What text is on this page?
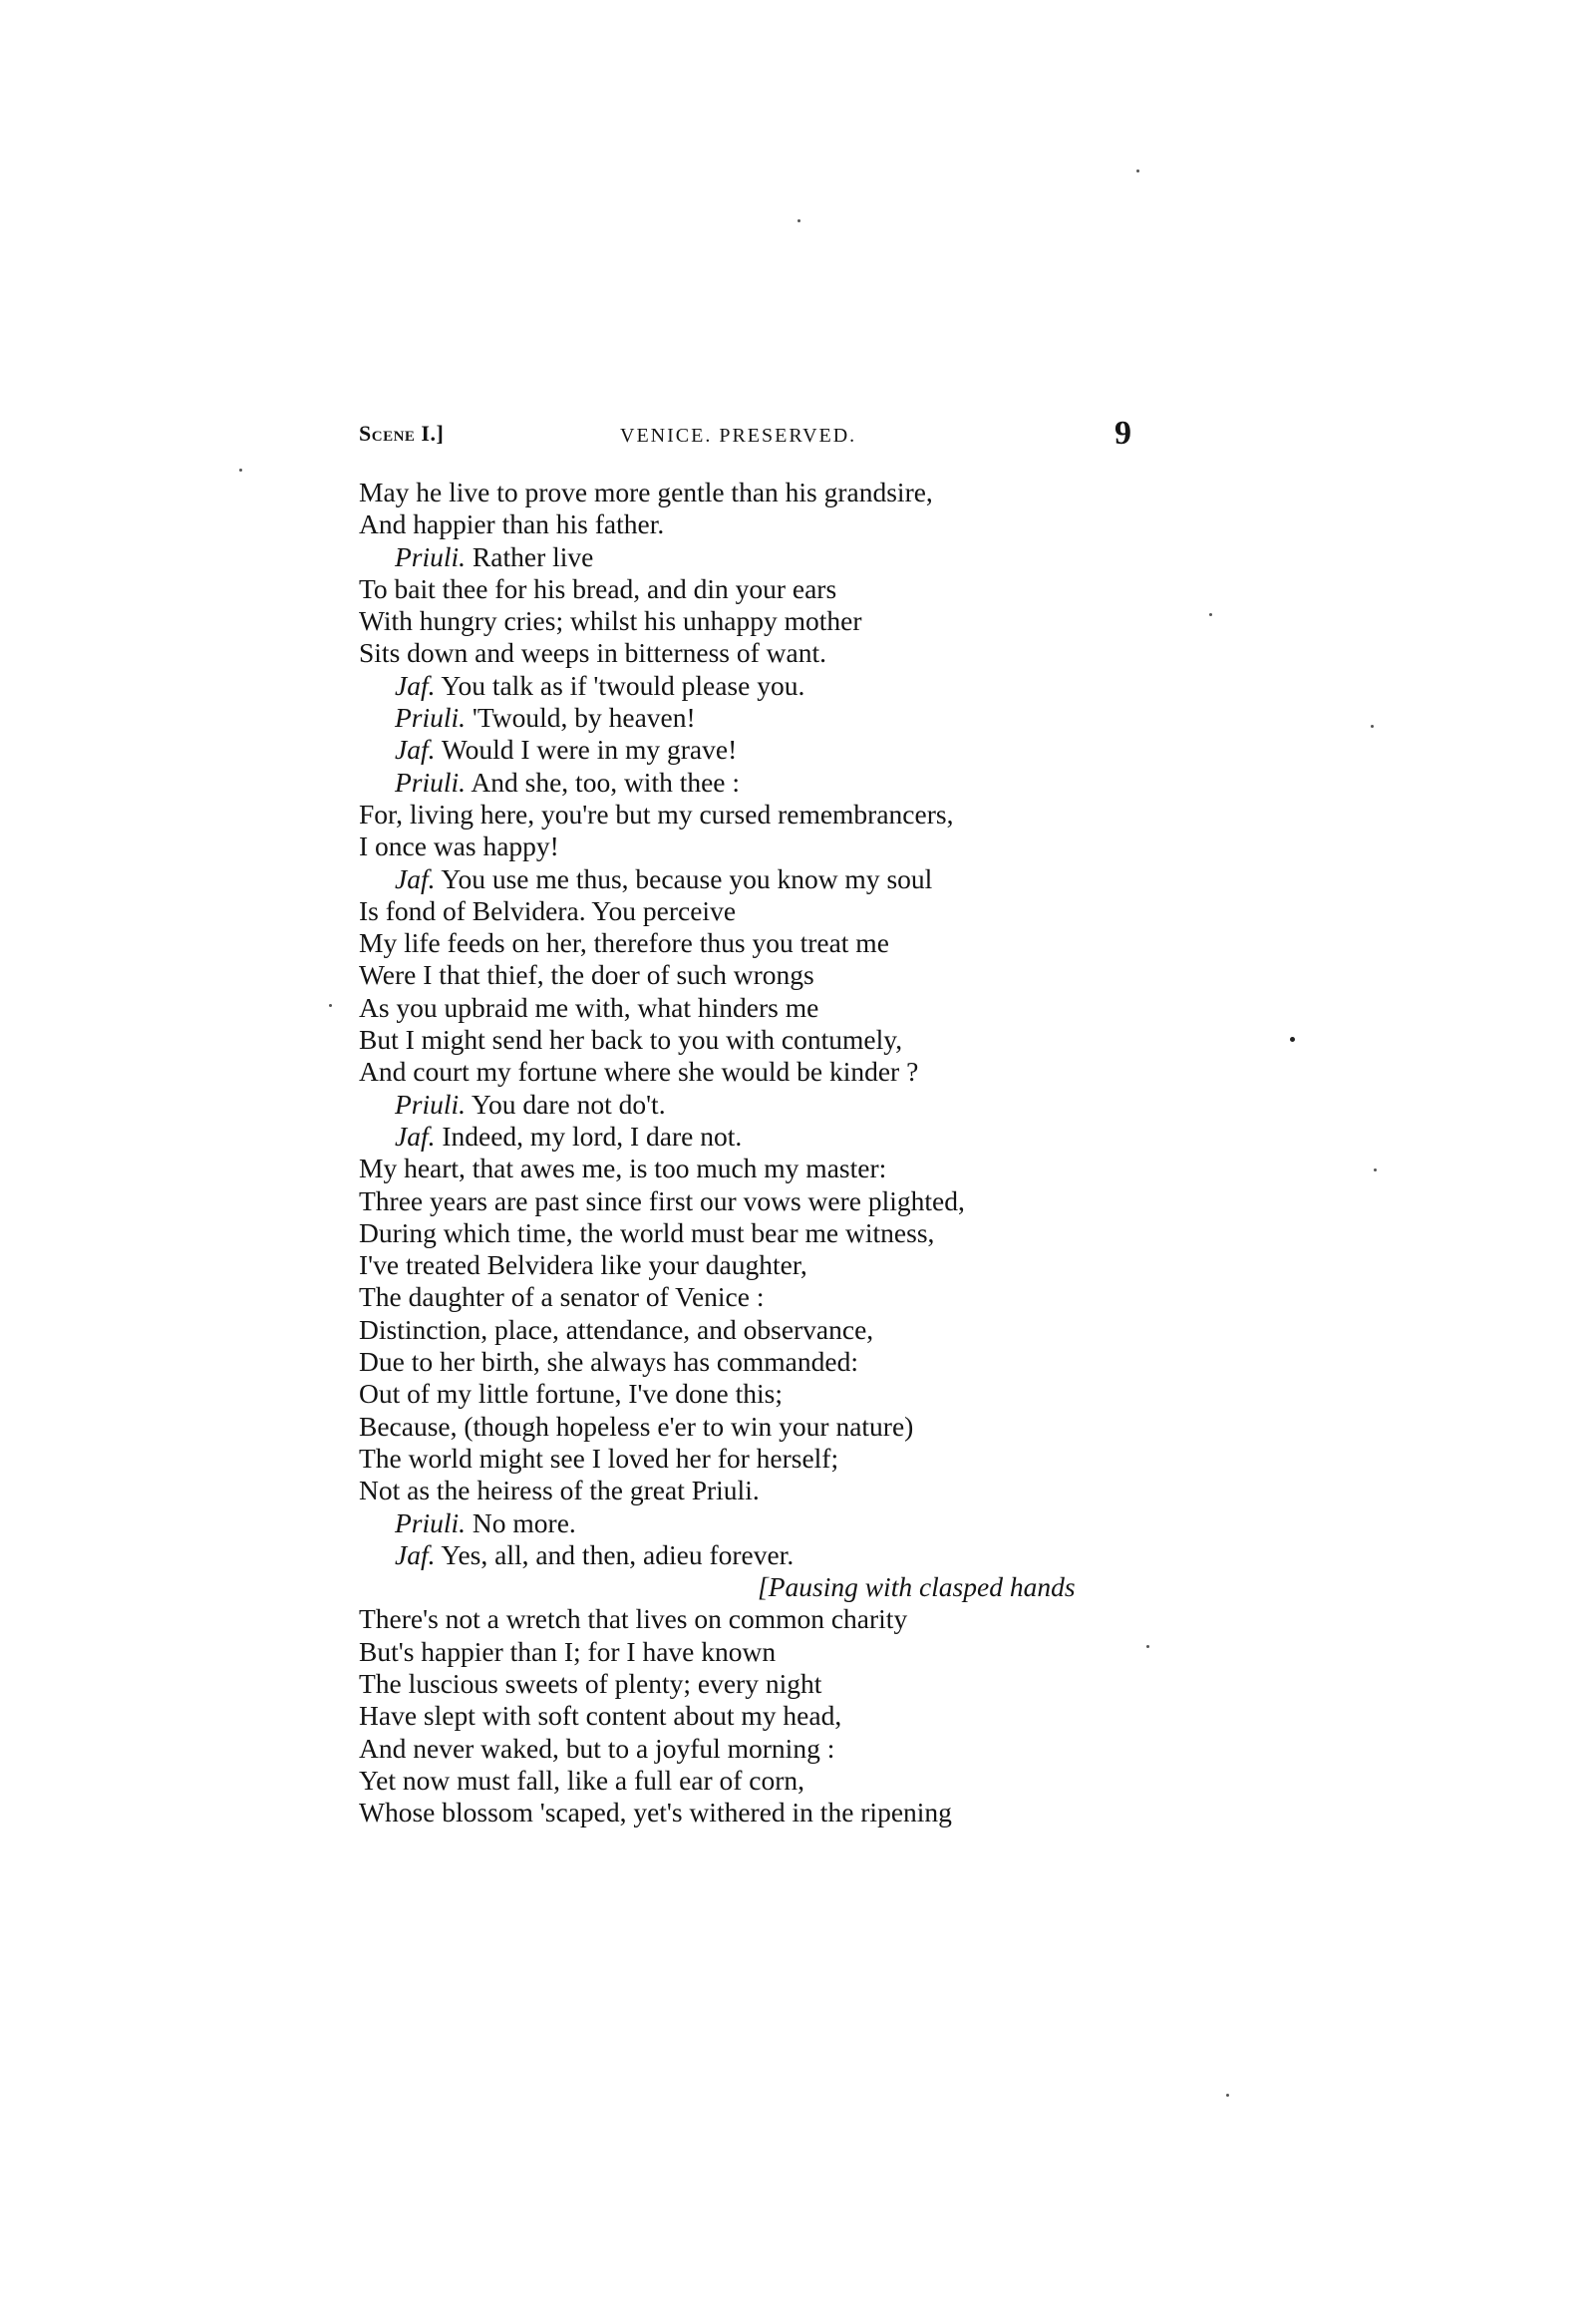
Scene I.]	VENICE. PRESERVED.	9
May he live to prove more gentle than his grandsire,
And happier than his father.
Priuli. Rather live
To bait thee for his bread, and din your ears
With hungry cries; whilst his unhappy mother
Sits down and weeps in bitterness of want.
Jaf. You talk as if 'twould please you.
Priuli. 'Twould, by heaven!
Jaf. Would I were in my grave!
Priuli. And she, too, with thee :
For, living here, you're but my cursed remembrancers,
I once was happy!
Jaf. You use me thus, because you know my soul
Is fond of Belvidera. You perceive
My life feeds on her, therefore thus you treat me
Were I that thief, the doer of such wrongs
As you upbraid me with, what hinders me
But I might send her back to you with contumely,
And court my fortune where she would be kinder ?
Priuli. You dare not do't.
Jaf. Indeed, my lord, I dare not.
My heart, that awes me, is too much my master:
Three years are past since first our vows were plighted,
During which time, the world must bear me witness,
I've treated Belvidera like your daughter,
The daughter of a senator of Venice :
Distinction, place, attendance, and observance,
Due to her birth, she always has commanded:
Out of my little fortune, I've done this;
Because, (though hopeless e'er to win your nature)
The world might see I loved her for herself;
Not as the heiress of the great Priuli.
Priuli. No more.
Jaf. Yes, all, and then, adieu forever.
[Pausing with clasped hands
There's not a wretch that lives on common charity
But's happier than I; for I have known
The luscious sweets of plenty; every night
Have slept with soft content about my head,
And never waked, but to a joyful morning :
Yet now must fall, like a full ear of corn,
Whose blossom 'scaped, yet's withered in the ripening
